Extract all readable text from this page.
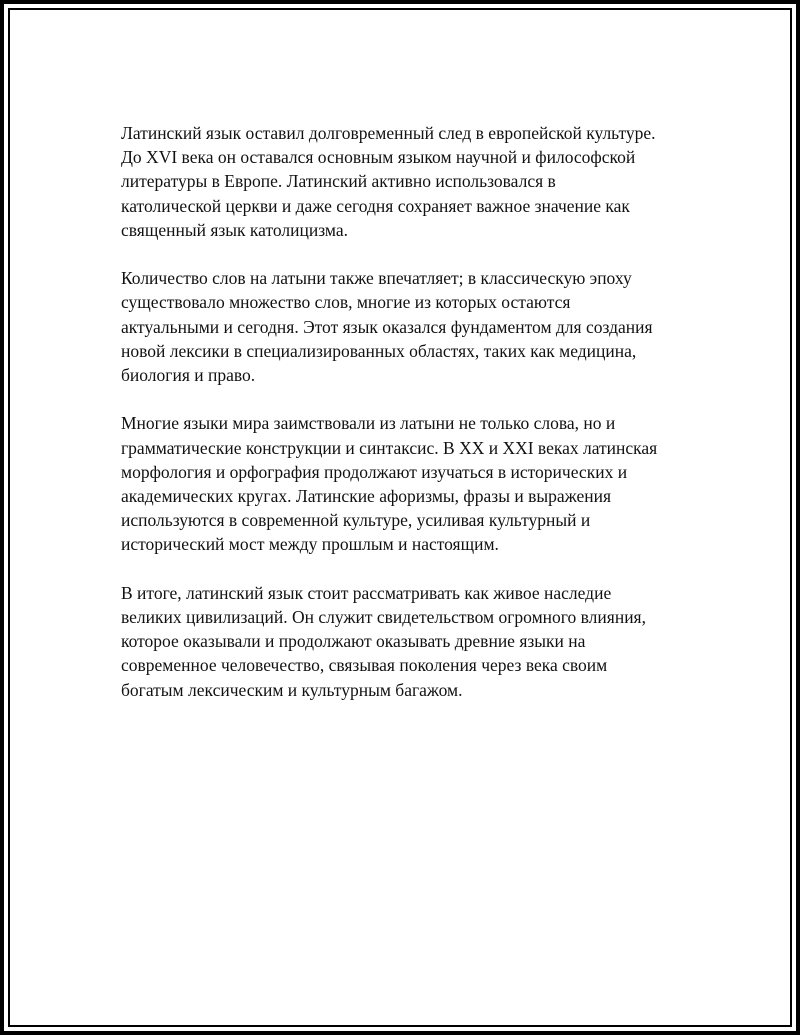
Латинский язык оставил долговременный след в европейской культуре.
До XVI века он оставался основным языком научной и философской
литературы в Европе. Латинский активно использовался в
католической церкви и даже сегодня сохраняет важное значение как
священный язык католицизма.

Количество слов на латыни также впечатляет; в классическую эпоху
существовало множество слов, многие из которых остаются
актуальными и сегодня. Этот язык оказался фундаментом для создания
новой лексики в специализированных областях, таких как медицина,
биология и право.

Многие языки мира заимствовали из латыни не только слова, но и
грамматические конструкции и синтаксис. В XX и XXI веках латинская
морфология и орфография продолжают изучаться в исторических и
академических кругах. Латинские афоризмы, фразы и выражения
используются в современной культуре, усиливая культурный и
исторический мост между прошлым и настоящим.

В итоге, латинский язык стоит рассматривать как живое наследие
великих цивилизаций. Он служит свидетельством огромного влияния,
которое оказывали и продолжают оказывать древние языки на
современное человечество, связывая поколения через века своим
богатым лексическим и культурным багажом.
